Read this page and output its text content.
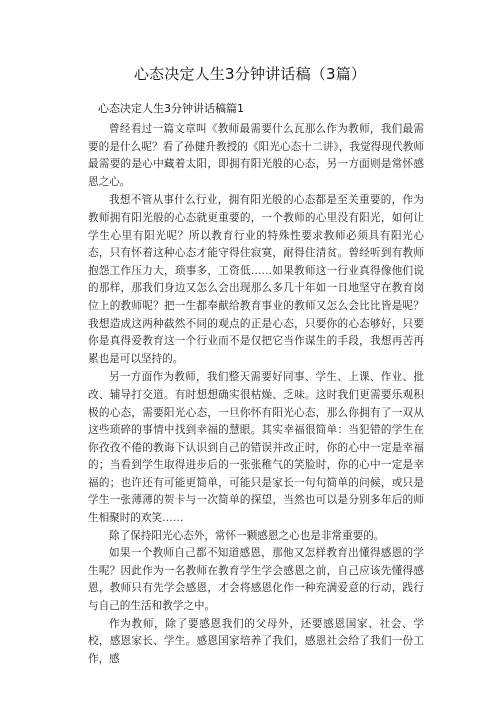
心态决定人生3分钟讲话稿（3篇）
心态决定人生3分钟讲话稿篇1

曾经看过一篇文章叫《教师最需要什么瓦那么作为教师，我们最需要的是什么呢？看了孙健升教授的《阳光心态十二讲》，我觉得现代教师最需要的是心中藏着太阳，即拥有阳光般的心态，另一方面则是常怀感恩之心。

我想不管从事什么行业，拥有阳光般的心态都是至关重要的，作为教师拥有阳光般的心态就更重要的，一个教师的心里没有阳光，如何让学生心里有阳光呢？所以教育行业的特殊性要求教师必须具有阳光心态，只有怀着这种心态才能守得住寂寞，耐得住清贫。曾经听到有教师抱怨工作压力大，琐事多，工资低……如果教师这一行业真得像他们说的那样，那我们身边又怎么会出现那么多几十年如一日地坚守在教育岗位上的教师呢？把一生都奉献给教育事业的教师又怎么会比比皆是呢？我想造成这两种截然不同的观点的正是心态，只要你的心态够好，只要你是真得爱教育这一个行业而不是仅把它当作谋生的手段，我想再苦再累也是可以坚持的。

另一方面作为教师，我们整天需要好同事、学生、上课、作业、批改、辅导打交道。有时想想确实很枯燥、乏味。这时我们更需要乐观积极的心态，需要阳光心态，一旦你怀有阳光心态，那么你拥有了一双从这些琐碎的事情中找到幸福的慧眼。其实幸福很简单：当犯错的学生在你孜孜不倦的教诲下认识到自己的错误并改正时，你的心中一定是幸福的；当看到学生取得进步后的一张张稚气的笑脸时，你的心中一定是幸福的；也许还有可能更简单，可能只是家长一句句简单的问候，或只是学生一张薄薄的贺卡与一次简单的探望，当然也可以是分别多年后的师生相聚时的欢笑……

除了保持阳光心态外，常怀一颗感恩之心也是非常重要的。

如果一个教师自己都不知道感恩，那他又怎样教育出懂得感恩的学生呢？因此作为一名教师在教育学生学会感恩之前，自己应该先懂得感恩，教师只有先学会感恩，才会将感恩化作一种充满爱意的行动，践行与自己的生活和教学之中。

作为教师，除了要感恩我们的父母外，还要感恩国家、社会、学校，感恩家长、学生。感恩国家培养了我们，感恩社会给了我们一份工作，感
